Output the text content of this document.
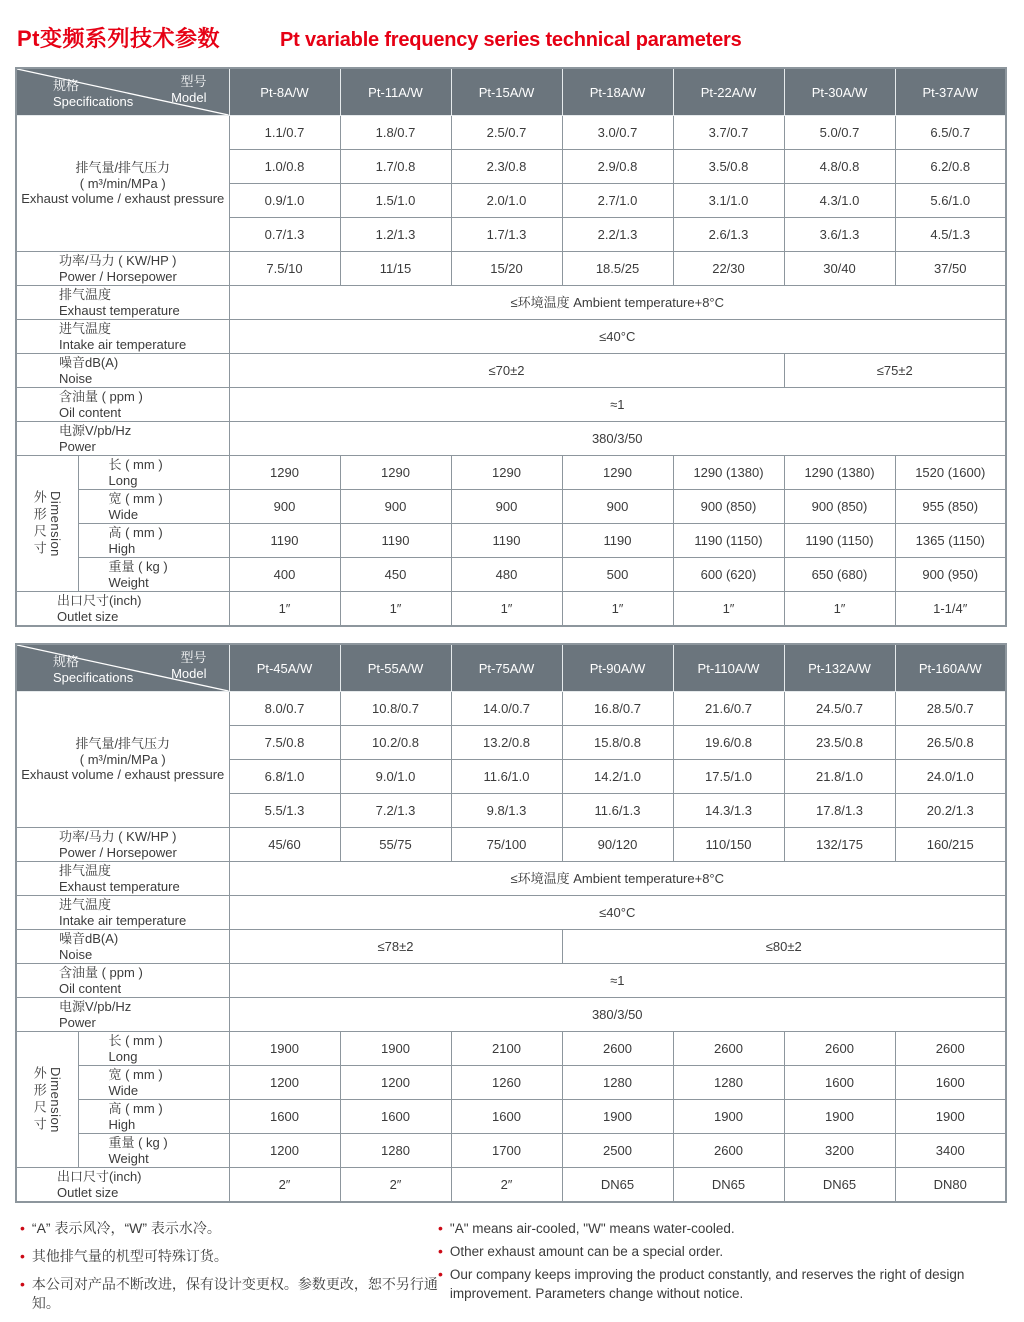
Pt变频系列技术参数	Pt variable frequency series technical parameters
型号
Model
规格
Specifications		Pt-8A/W	Pt-11A/W	Pt-15A/W	Pt-18A/W	Pt-22A/W	Pt-30A/W	Pt-37A/W

排气量/排气压力
( m³/min/MPa )
Exhaust volume / exhaust pressure		1.1/0.7	1.8/0.7	2.5/0.7	3.0/0.7	3.7/0.7	5.0/0.7	6.5/0.7
		1.0/0.8	1.7/0.8	2.3/0.8	2.9/0.8	3.5/0.8	4.8/0.8	6.2/0.8
		0.9/1.0	1.5/1.0	2.0/1.0	2.7/1.0	3.1/1.0	4.3/1.0	5.6/1.0
		0.7/1.3	1.2/1.3	1.7/1.3	2.2/1.3	2.6/1.3	3.6/1.3	4.5/1.3

功率/马力 ( KW/HP )
Power / Horsepower		7.5/10	11/15	15/20	18.5/25	22/30	30/40	37/50

排气温度
Exhaust temperature		≤环境温度 Ambient temperature+8°C						

进气温度
Intake air temperature		≤40°C						

噪音dB(A)
Noise		≤70±2					≤75±2	

含油量 ( ppm )
Oil content		≈1						

电源V/pb/Hz
Power		380/3/50						

外形尺寸 Dimension

长 ( mm )
Long	1290	1290	1290	1290	1290 (1380)	1290 (1380)	1520 (1600)

	宽 ( mm )
Wide	900	900	900	900	900 (850)	900 (850)	955 (850)

	高 ( mm )
High	1190	1190	1190	1190	1190 (1150)	1190 (1150)	1365 (1150)

	重量 ( kg )
Weight	400	450	480	500	600 (620)	650 (680)	900 (950)

出口尺寸(inch)
Outlet size		1″	1″	1″	1″	1″	1″	1-1/4″
型号
Model
规格
Specifications		Pt-45A/W	Pt-55A/W	Pt-75A/W	Pt-90A/W	Pt-110A/W	Pt-132A/W	Pt-160A/W

排气量/排气压力
( m³/min/MPa )
Exhaust volume / exhaust pressure		8.0/0.7	10.8/0.7	14.0/0.7	16.8/0.7	21.6/0.7	24.5/0.7	28.5/0.7
		7.5/0.8	10.2/0.8	13.2/0.8	15.8/0.8	19.6/0.8	23.5/0.8	26.5/0.8
		6.8/1.0	9.0/1.0	11.6/1.0	14.2/1.0	17.5/1.0	21.8/1.0	24.0/1.0
		5.5/1.3	7.2/1.3	9.8/1.3	11.6/1.3	14.3/1.3	17.8/1.3	20.2/1.3

功率/马力 ( KW/HP )
Power / Horsepower		45/60	55/75	75/100	90/120	110/150	132/175	160/215

排气温度
Exhaust temperature		≤环境温度 Ambient temperature+8°C						

进气温度
Intake air temperature		≤40°C						

噪音dB(A)
Noise		≤78±2			≤80±2			

含油量 ( ppm )
Oil content		≈1						

电源V/pb/Hz
Power		380/3/50						

外形尺寸 Dimension

长 ( mm )
Long	1900	1900	2100	2600	2600	2600	2600

	宽 ( mm )
Wide	1200	1200	1260	1280	1280	1600	1600

	高 ( mm )
High	1600	1600	1600	1900	1900	1900	1900

	重量 ( kg )
Weight	1200	1280	1700	2500	2600	3200	3400

出口尺寸(inch)
Outlet size		2″	2″	2″	DN65	DN65	DN65	DN80
• “A” 表示风冷，“W” 表示水冷。
• 其他排气量的机型可特殊订货。
• 本公司对产品不断改进，保有设计变更权。参数更改，恕不另行通知。
• "A" means air-cooled, "W" means water-cooled.
• Other exhaust amount can be a special order.
• Our company keeps improving the product constantly, and reserves the right of design improvement. Parameters change without notice.
